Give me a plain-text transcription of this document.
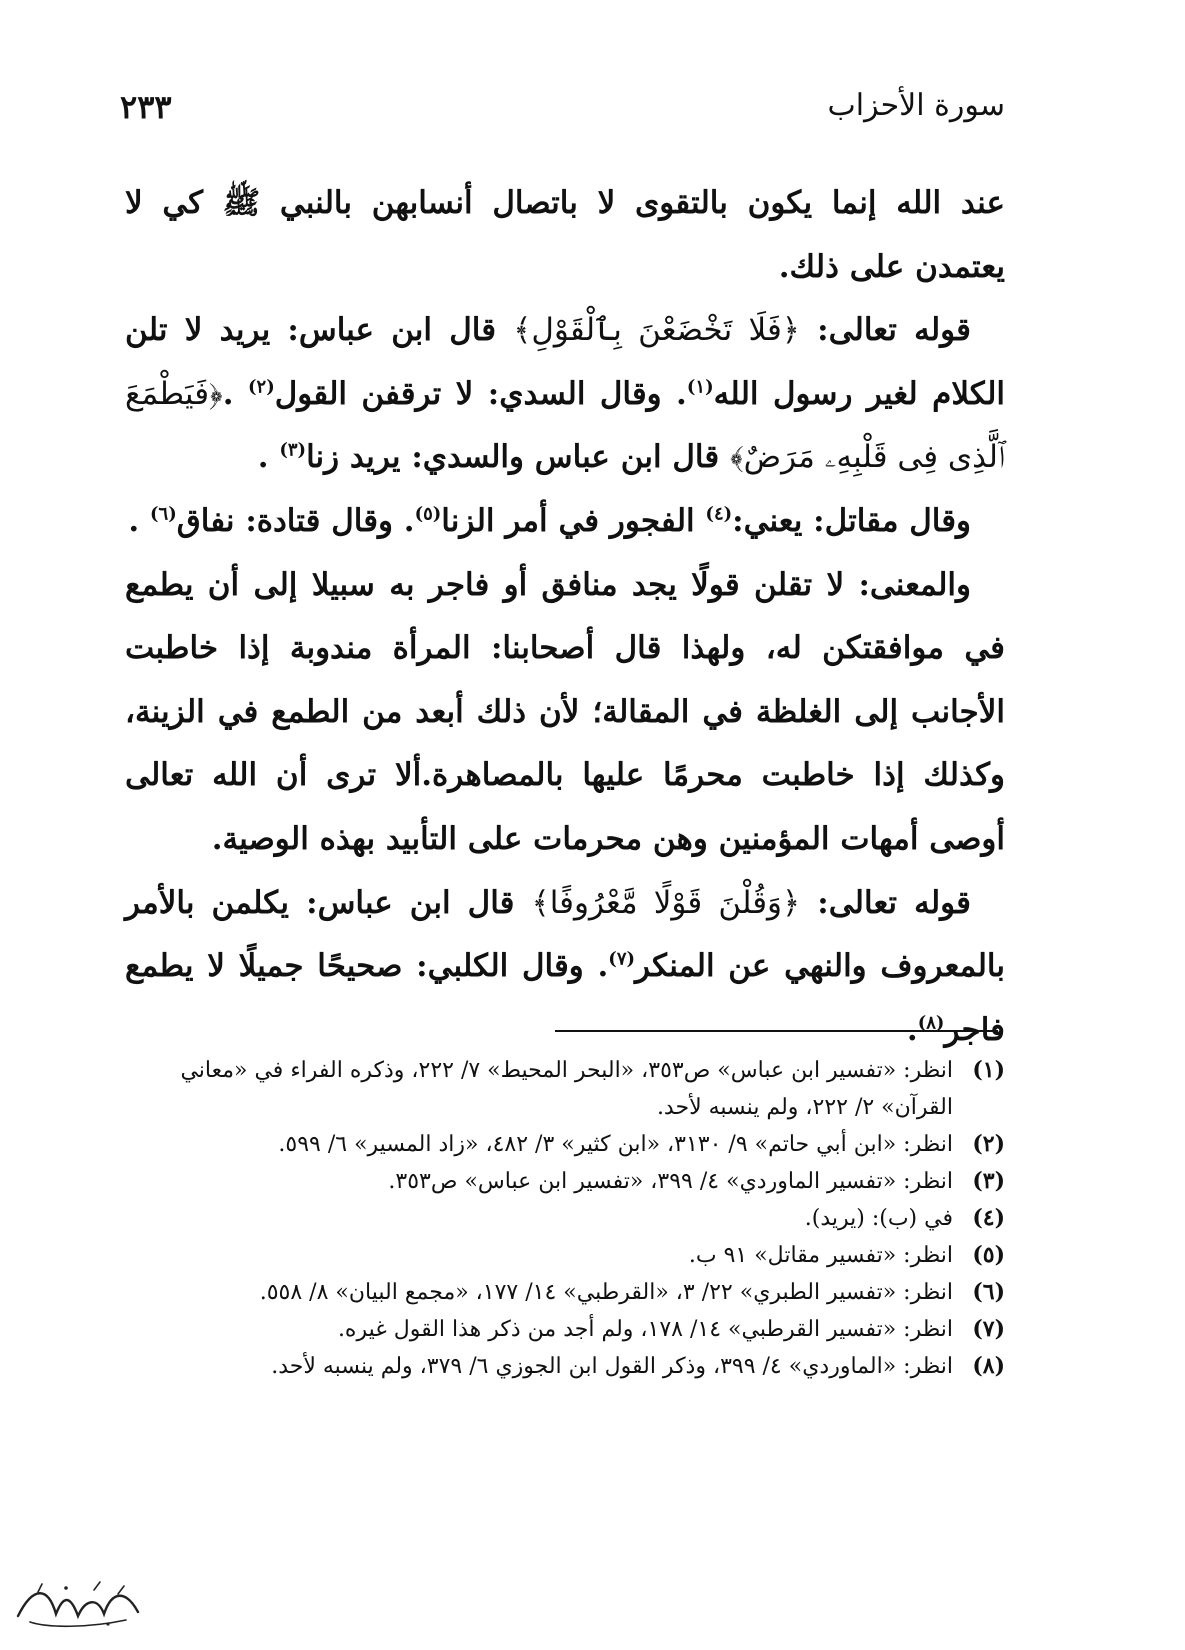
سورة الأحزاب
٢٣٣

عند الله إنما يكون بالتقوى لا باتصال أنسابهن بالنبي ﷺ كي لا يعتمدن على ذلك.

قوله تعالى: ﴿فَلَا تَخْضَعْنَ بِٱلْقَوْلِ﴾ قال ابن عباس: يريد لا تلن الكلام لغير رسول الله$^{(١)}$. وقال السدي: لا ترقفن القول$^{(٢)}$ .﴿فَيَطْمَعَ ٱلَّذِى فِى قَلْبِهِۦ مَرَضٌ﴾ قال ابن عباس والسدي: يريد زنا$^{(٣)}$ .

وقال مقاتل: يعني:$^{(٤)}$ الفجور في أمر الزنا$^{(٥)}$. وقال قتادة: نفاق$^{(٦)}$ .

والمعنى: لا تقلن قولًا يجد منافق أو فاجر به سبيلا إلى أن يطمع في موافقتكن له، ولهذا قال أصحابنا: المرأة مندوبة إذا خاطبت الأجانب إلى الغلظة في المقالة؛ لأن ذلك أبعد من الطمع في الزينة، وكذلك إذا خاطبت محرمًا عليها بالمصاهرة.ألا ترى أن الله تعالى أوصى أمهات المؤمنين وهن محرمات على التأبيد بهذه الوصية.

قوله تعالى: ﴿وَقُلْنَ قَوْلًا مَّعْرُوفًا﴾ قال ابن عباس: يكلمن بالأمر بالمعروف والنهي عن المنكر$^{(٧)}$. وقال الكلبي: صحيحًا جميلًا لا يطمع فاجر$^{(٨)}$.

(١)
انظر: «تفسير ابن عباس» ص٣٥٣، «البحر المحيط» ٧/ ٢٢٢، وذكره الفراء في «معاني القرآن» ٢/ ٢٢٢، ولم ينسبه لأحد.
(٢)
انظر: «ابن أبي حاتم» ٩/ ٣١٣٠، «ابن كثير» ٣/ ٤٨٢، «زاد المسير» ٦/ ٥٩٩.
(٣)
انظر: «تفسير الماوردي» ٤/ ٣٩٩، «تفسير ابن عباس» ص٣٥٣.
(٤)
في (ب): (يريد).
(٥)
انظر: «تفسير مقاتل» ٩١ ب.
(٦)
انظر: «تفسير الطبري» ٢٢/ ٣، «القرطبي» ١٤/ ١٧٧، «مجمع البيان» ٨/ ٥٥٨.
(٧)
انظر: «تفسير القرطبي» ١٤/ ١٧٨، ولم أجد من ذكر هذا القول غيره.
(٨)
انظر: «الماوردي» ٤/ ٣٩٩، وذكر القول ابن الجوزي ٦/ ٣٧٩، ولم ينسبه لأحد.
